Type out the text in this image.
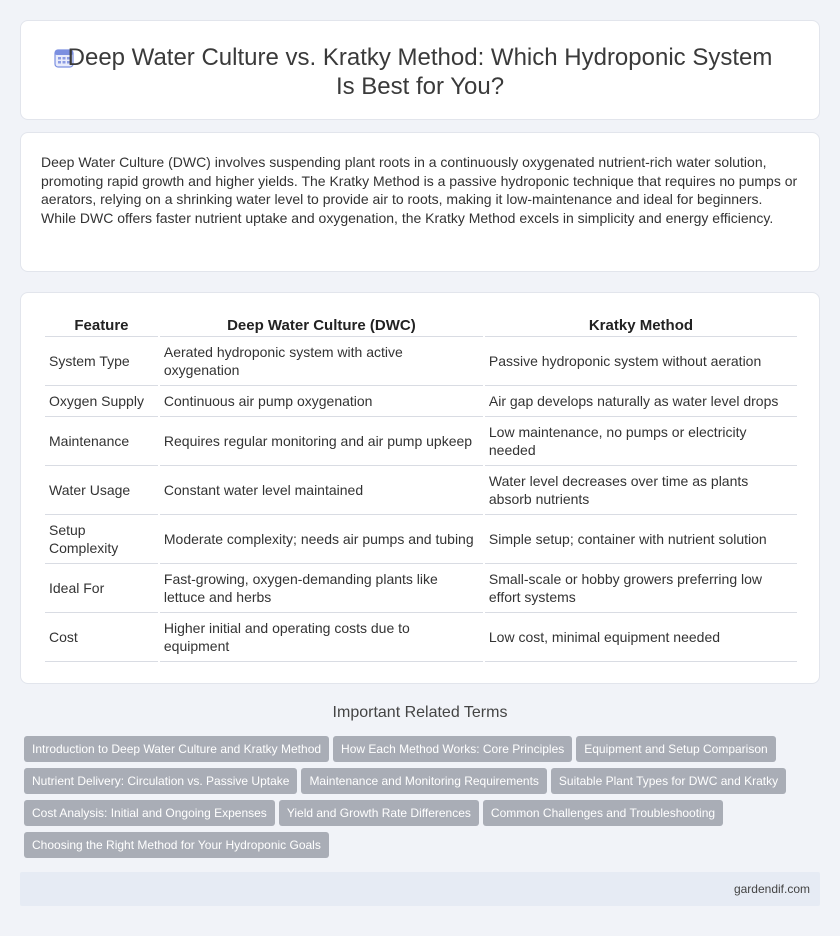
Deep Water Culture vs. Kratky Method: Which Hydroponic System Is Best for You?

Deep Water Culture (DWC) involves suspending plant roots in a continuously oxygenated nutrient-rich water solution, promoting rapid growth and higher yields. The Kratky Method is a passive hydroponic technique that requires no pumps or aerators, relying on a shrinking water level to provide air to roots, making it low-maintenance and ideal for beginners. While DWC offers faster nutrient uptake and oxygenation, the Kratky Method excels in simplicity and energy efficiency.

Feature	Deep Water Culture (DWC)	Kratky Method
System Type	Aerated hydroponic system with active oxygenation	Passive hydroponic system without aeration
Oxygen Supply	Continuous air pump oxygenation	Air gap develops naturally as water level drops
Maintenance	Requires regular monitoring and air pump upkeep	Low maintenance, no pumps or electricity needed
Water Usage	Constant water level maintained	Water level decreases over time as plants absorb nutrients
Setup Complexity	Moderate complexity; needs air pumps and tubing	Simple setup; container with nutrient solution
Ideal For	Fast-growing, oxygen-demanding plants like lettuce and herbs	Small-scale or hobby growers preferring low effort systems
Cost	Higher initial and operating costs due to equipment	Low cost, minimal equipment needed
Important Related Terms
Introduction to Deep Water Culture and Kratky Method	How Each Method Works: Core Principles	Equipment and Setup Comparison
Nutrient Delivery: Circulation vs. Passive Uptake	Maintenance and Monitoring Requirements	Suitable Plant Types for DWC and Kratky
Cost Analysis: Initial and Ongoing Expenses	Yield and Growth Rate Differences	Common Challenges and Troubleshooting
Choosing the Right Method for Your Hydroponic Goals
gardendif.com
